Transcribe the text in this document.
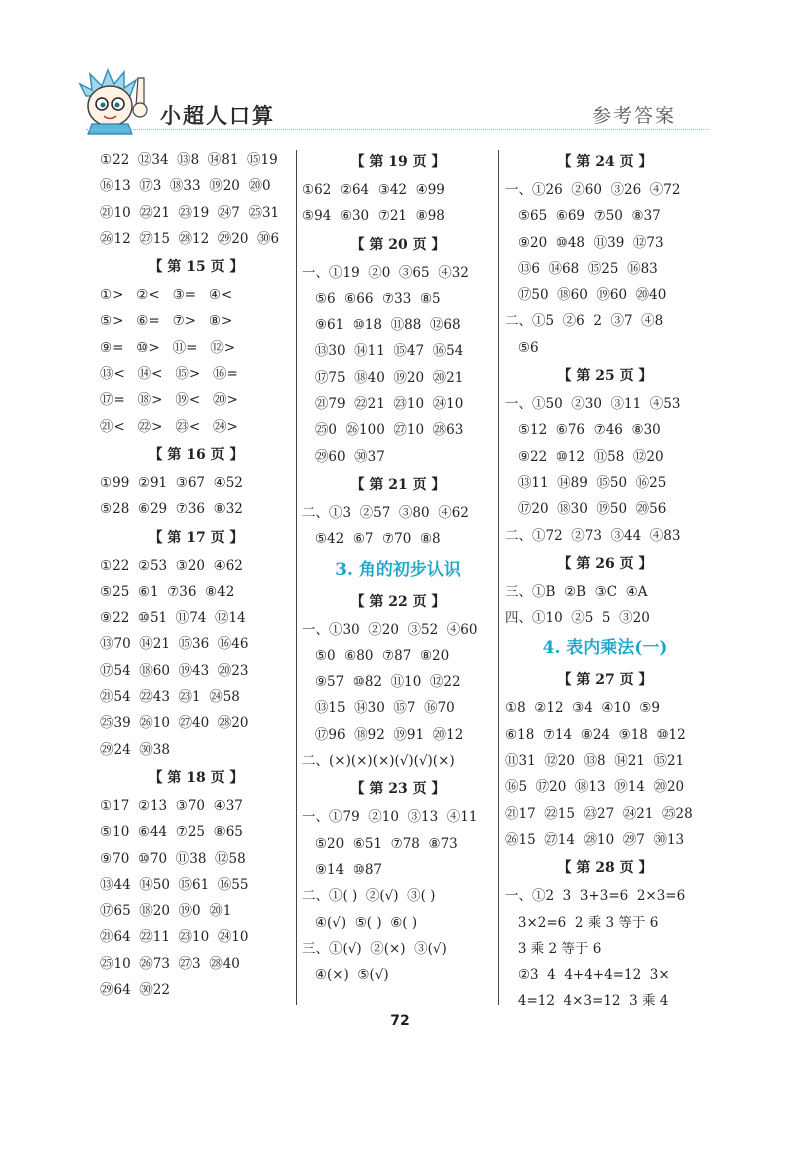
小超人口算	参考答案
①22  ⑫34  ⑬8  ⑭81  ⑮19
⑯13  ⑰3  ⑱33  ⑲20  ⑳0
㉑10  ㉒21  ㉓19  ㉔7  ㉕31
㉖12  ㉗15  ㉘12  ㉙20  ㉚6
【 第 15 页 】
①>   ②<   ③=   ④<
⑤>   ⑥=   ⑦>   ⑧>
⑨=   ⑩>   ⑪=   ⑫>
⑬<   ⑭<   ⑮>   ⑯=
⑰=   ⑱>   ⑲<   ⑳>
㉑<   ㉒>   ㉓<   ㉔>
【 第 16 页 】
①99  ②91  ③67  ④52
⑤28  ⑥29  ⑦36  ⑧32
【 第 17 页 】
①22  ②53  ③20  ④62
⑤25  ⑥1  ⑦36  ⑧42
⑨22  ⑩51  ⑪74  ⑫14
⑬70  ⑭21  ⑮36  ⑯46
⑰54  ⑱60  ⑲43  ⑳23
㉑54  ㉒43  ㉓1  ㉔58
㉕39  ㉖10  ㉗40  ㉘20
㉙24  ㉚38
【 第 18 页 】
①17  ②13  ③70  ④37
⑤10  ⑥44  ⑦25  ⑧65
⑨70  ⑩70  ⑪38  ⑫58
⑬44  ⑭50  ⑮61  ⑯55
⑰65  ⑱20  ⑲0  ⑳1
㉑64  ㉒11  ㉓10  ㉔10
㉕10  ㉖73  ㉗3  ㉘40
㉙64  ㉚22
【 第 19 页 】
①62  ②64  ③42  ④99
⑤94  ⑥30  ⑦21  ⑧98
【 第 20 页 】
一、①19  ②0  ③65  ④32
⑤6  ⑥66  ⑦33  ⑧5
⑨61  ⑩18  ⑪88  ⑫68
⑬30  ⑭11  ⑮47  ⑯54
⑰75  ⑱40  ⑲20  ⑳21
㉑79  ㉒21  ㉓10  ㉔10
㉕0  ㉖100  ㉗10  ㉘63
㉙60  ㉚37
【 第 21 页 】
二、①3  ②57  ③80  ④62
⑤42  ⑥7  ⑦70  ⑧8
3. 角的初步认识
【 第 22 页 】
一、①30  ②20  ③52  ④60
⑤0  ⑥80  ⑦87  ⑧20
⑨57  ⑩82  ⑪10  ⑫22
⑬15  ⑭30  ⑮7  ⑯70
⑰96  ⑱92  ⑲91  ⑳12
二、(×)(×)(×)(√)(√)(×)
【 第 23 页 】
一、①79  ②10  ③13  ④11
⑤20  ⑥51  ⑦78  ⑧73
⑨14  ⑩87
二、①( )  ②(√)  ③( )
④(√)  ⑤( )  ⑥( )
三、①(√)  ②(×)  ③(√)
④(×)  ⑤(√)
【 第 24 页 】
一、①26  ②60  ③26  ④72
⑤65  ⑥69  ⑦50  ⑧37
⑨20  ⑩48  ⑪39  ⑫73
⑬6  ⑭68  ⑮25  ⑯83
⑰50  ⑱60  ⑲60  ⑳40
二、①5  ②6  2  ③7  ④8
⑤6
【 第 25 页 】
一、①50  ②30  ③11  ④53
⑤12  ⑥76  ⑦46  ⑧30
⑨22  ⑩12  ⑪58  ⑫20
⑬11  ⑭89  ⑮50  ⑯25
⑰20  ⑱30  ⑲50  ⑳56
二、①72  ②73  ③44  ④83
【 第 26 页 】
三、①B  ②B  ③C  ④A
四、①10  ②5  5  ③20
4. 表内乘法(一)
【 第 27 页 】
①8  ②12  ③4  ④10  ⑤9
⑥18  ⑦14  ⑧24  ⑨18  ⑩12
⑪31  ⑫20  ⑬8  ⑭21  ⑮21
⑯5  ⑰20  ⑱13  ⑲14  ⑳20
㉑17  ㉒15  ㉓27  ㉔21  ㉕28
㉖15  ㉗14  ㉘10  ㉙7  ㉚13
【 第 28 页 】
一、①2  3  3+3=6  2×3=6
3×2=6  2 乘 3 等于 6
3 乘 2 等于 6
②3  4  4+4+4=12  3×
4=12  4×3=12  3 乘 4
72
